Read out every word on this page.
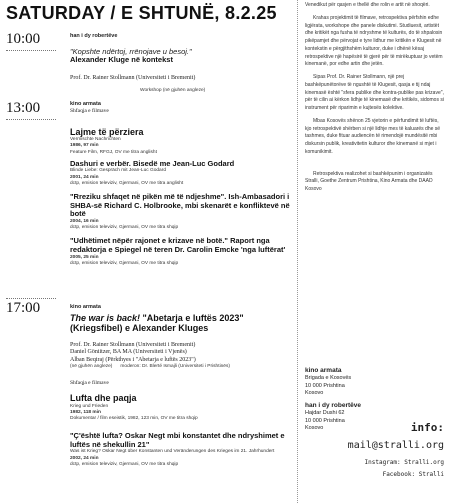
SATURDAY / E SHTUNË, 8.2.25
10:00	han i dy robertëve
"Kopshte ndërtoj, rrënojave u besoj."
Alexander Kluge në kontekst
Prof. Dr. Rainer Stollmann (Universiteti i Bremenit)
Workshop (në gjuhën angleze)
13:00	kino armata
Shfaqja e filmave
Lajme të përziera
Vermischte Nachrichten
1986, 97 min
Feature Film, RFGJ, OV me titra anglisht
Dashuri e verbër. Bisedë me Jean-Luc Godard
Blinde Liebe: Gespräch mit Jean-Luc Godard
2001, 24 min
dctp, emision televiziv, Gjermani, OV me titra anglisht
"Rreziku shfaqet në pikën më të ndjeshme". Ish-Ambasadori i SHBA-së Richard C. Holbrooke, mbi skenarët e konfliktevë në botë
2004, 16 min
dctp, emision televiziv, Gjermani, OV me titra shqip
"Udhëtimet nëpër rajonet e krizave në botë." Raport nga redaktorja e Spiegel në teren Dr. Carolin Emcke 'nga luftërat'
2005, 25 min
dctp, emision televiziv, Gjermani, OV me titra shqip
17:00	kino armata
The war is back! "Abetarja e luftës 2023" (Kriegsfibel) e Alexander Kluges
Prof. Dr. Rainer Stollmann (Universiteti i Bremenit)
Daniel Göniitzer, BA MA (Universiteti i Vjenës)
Alban Beqiraj (Përkthyes i "Abetarja e luftës 2023")
(në gjuhën angleze)      moderon: Dr. Blerté Ismajli (Universiteti i Prishtinës)
Shfaqja e filmave
Lufta dhe paqja
Krieg und Frieden
1982, 118 min
Dokumentar / film eseistik, 1982, 123 min, OV me titra shqip
"Ç'është lufta? Oskar Negt mbi konstantet dhe ndryshimet e luftës në shekullin 21"
Was ist Krieg? Oskar Negt über Konstanten und Veränderungen des Krieges im 21. Jahrhundert
2002, 24 min
dctp, emision televiziv, Gjermani, OV me titra shqip

Venedikut për qasjen e thellë dhe rolin e artit në shoqëri.

Krahas projektimit të filmave, retrospektiva përfshin edhe ligjërata, workshope dhe panele diskutimi. Studiuesit, artistët dhe kritikët nga fusha të ndryshme të kulturës, do të shpalosin pikëpamjet dhe përvojat e tyre lidhur me kritikën e Klugesit në kontekstin e përgjithshëm kulturor, duke i dhënë kësaj retrospektive një hapësirë të gjerë për të mirëkuptuar jo vetëm kinemanë, por edhe artin dhe jetën.

Sipas Prof. Dr. Rainer Stollmann, një prej bashkëpunëtorëve të ngushtë të Klugesit, qasja e tij ndaj kinemasë është "sfera publike dhe kontra-publike pas krizave", për të cilin ai kërkon lidhje të kinemasë dhe kritikës, sidomos si instrument për riparimin e kujtesës kolektive.

Mbas Kosovës shënon 25 vjetorin e përfundimit të luftës, kjo retrospektivë shërben si një lidhje mes të kaluarës dhe së tashmes, duke fituar audiencën të rimendojë mundësitë mbi diskursin publik, kreativitetin kulturor dhe kinemanë si mjet i komunikimit.

Retrospektiva realizohet si bashkëpunim i organizatës Stralli, Goethe Zentrum Prishtina, Kino Armata dhe DAAD Kosovo

kino armata
Brigada e Kosovës
10 000 Prishtina
Kosovo
han i dy robertëve
Hajdar Dushi 62
10 000 Prishtina
Kosovo	info:
mail@stralli.org
Instagram: Stralli.org
Facebook: Stralli
